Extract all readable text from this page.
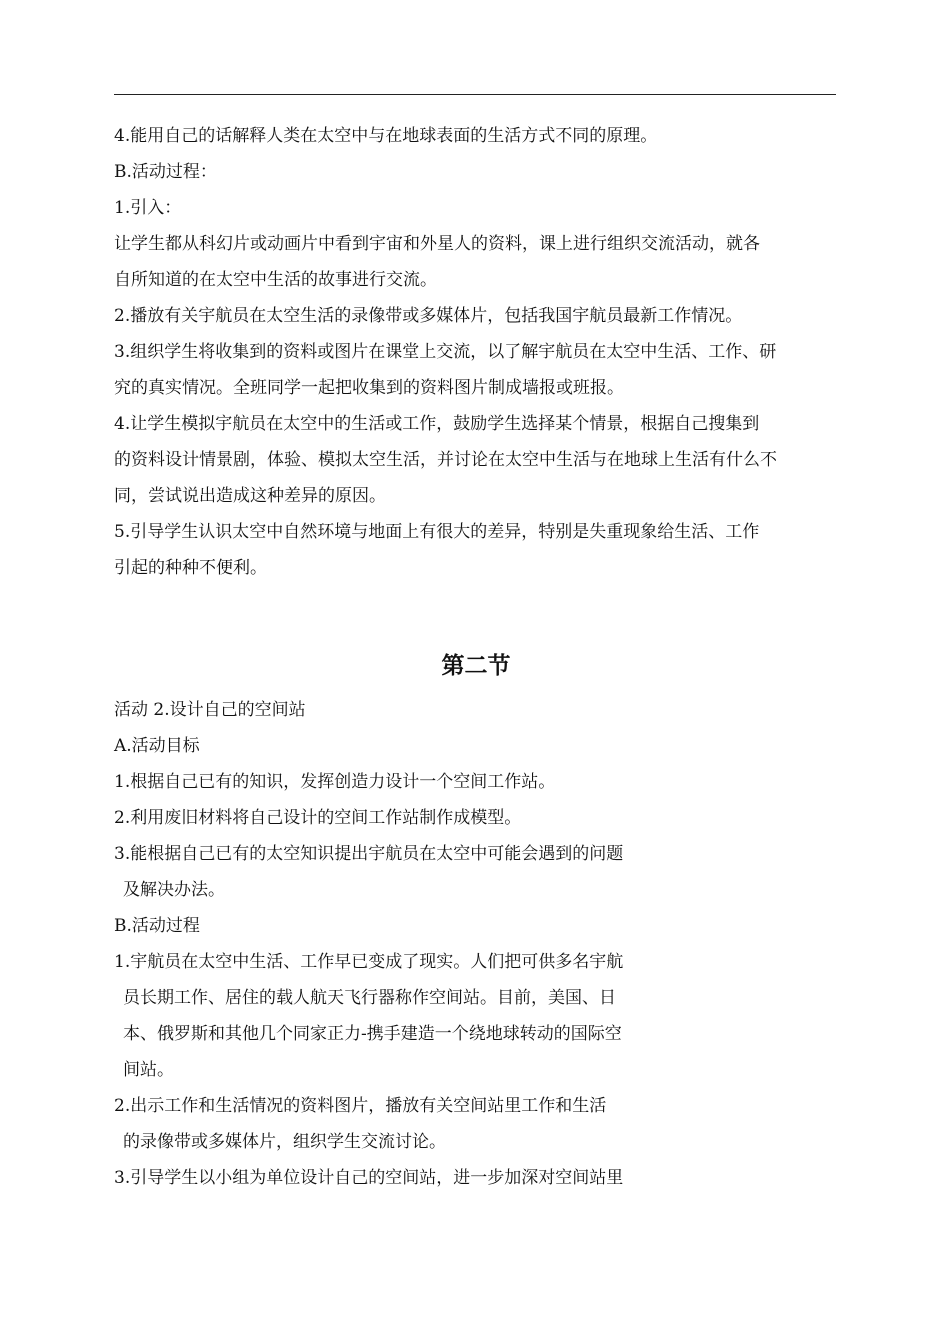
4.能用自己的话解释人类在太空中与在地球表面的生活方式不同的原理。

B.活动过程：

1.引入：

让学生都从科幻片或动画片中看到宇宙和外星人的资料，课上进行组织交流活动，就各

自所知道的在太空中生活的故事进行交流。

2.播放有关宇航员在太空生活的录像带或多媒体片，包括我国宇航员最新工作情况。

3.组织学生将收集到的资料或图片在课堂上交流，以了解宇航员在太空中生活、工作、研

究的真实情况。全班同学一起把收集到的资料图片制成墙报或班报。

4.让学生模拟宇航员在太空中的生活或工作，鼓励学生选择某个情景，根据自己搜集到

的资料设计情景剧，体验、模拟太空生活，并讨论在太空中生活与在地球上生活有什么不

同，尝试说出造成这种差异的原因。

5.引导学生认识太空中自然环境与地面上有很大的差异，特别是失重现象给生活、工作

引起的种种不便利。

第二节

活动 2.设计自己的空间站

A.活动目标

1.根据自己已有的知识，发挥创造力设计一个空间工作站。

2.利用废旧材料将自己设计的空间工作站制作成模型。

3.能根据自己已有的太空知识提出宇航员在太空中可能会遇到的问题

及解决办法。

B.活动过程

1.宇航员在太空中生活、工作早已变成了现实。人们把可供多名宇航

员长期工作、居住的载人航天飞行器称作空间站。目前，美国、日

本、俄罗斯和其他几个同家正力-携手建造一个绕地球转动的国际空

间站。

2.出示工作和生活情况的资料图片，播放有关空间站里工作和生活

的录像带或多媒体片，组织学生交流讨论。

3.引导学生以小组为单位设计自己的空间站，进一步加深对空间站里
